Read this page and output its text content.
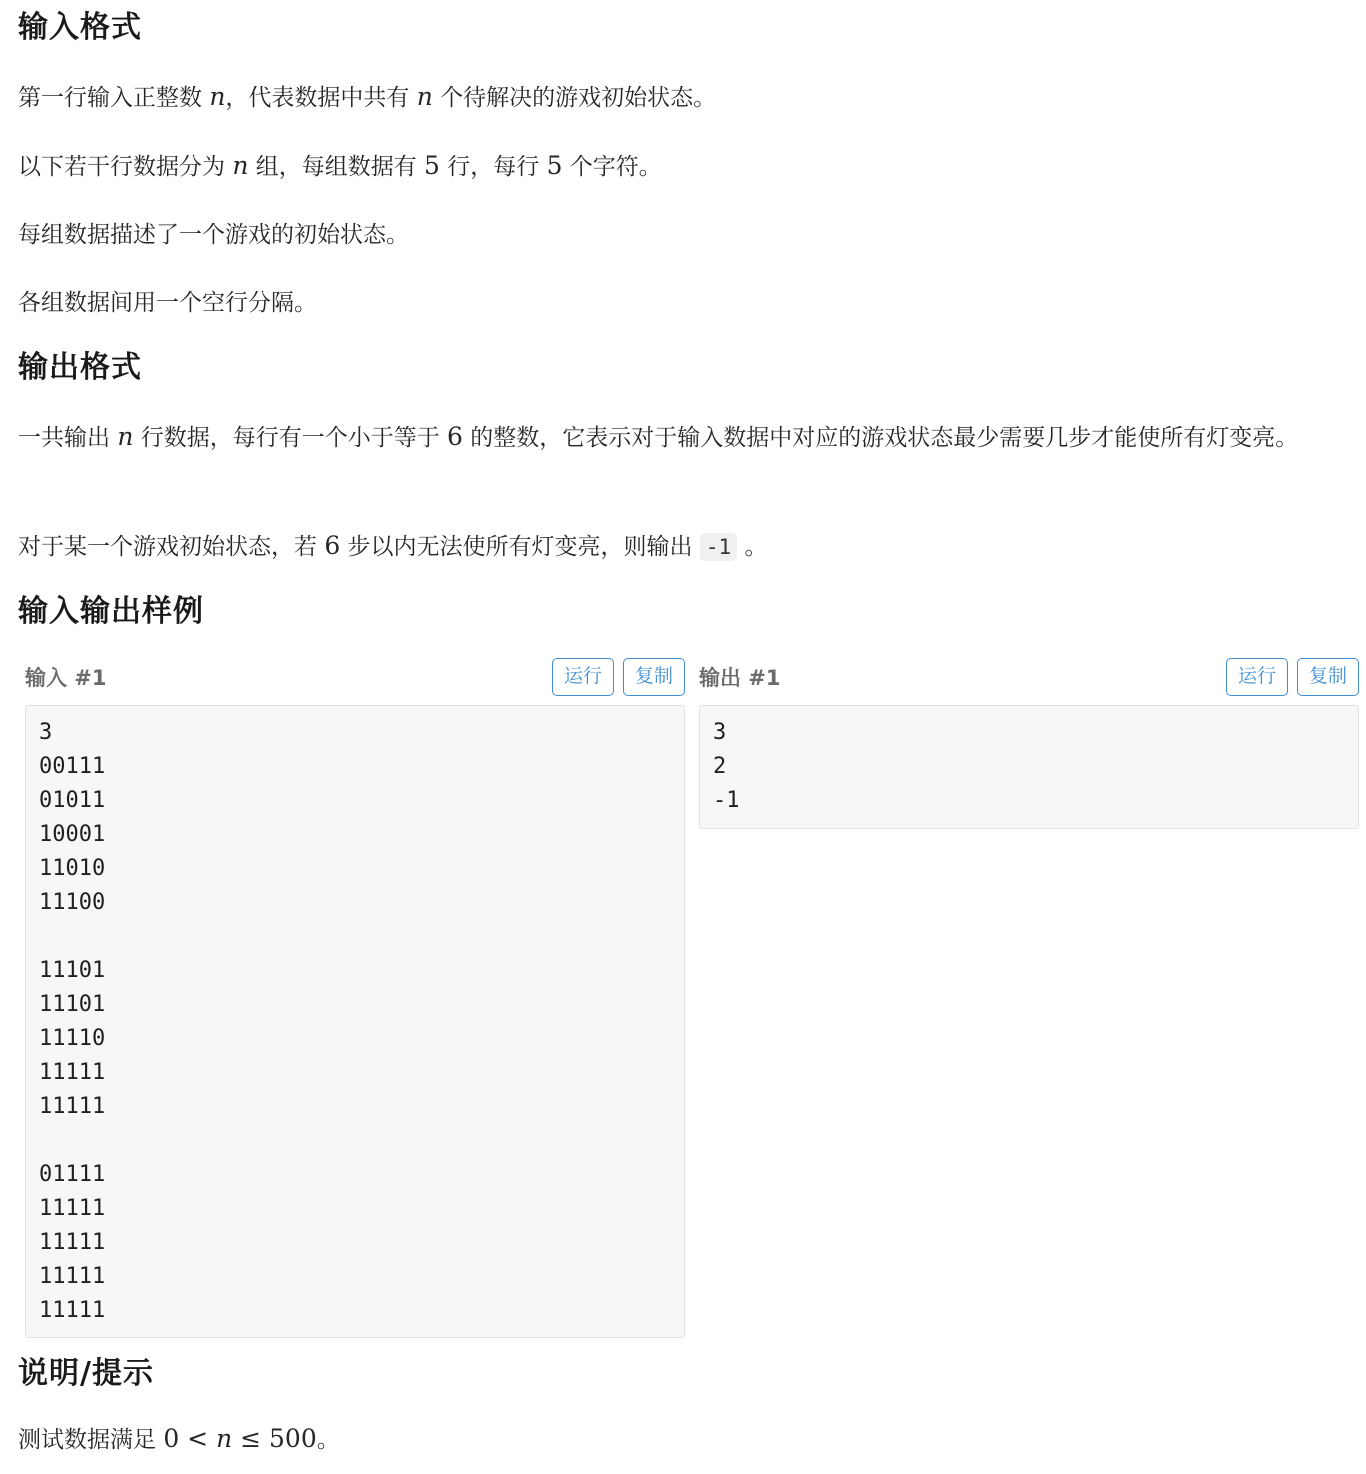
输入格式

第一行输入正整数 n，代表数据中共有 n 个待解决的游戏初始状态。

以下若干行数据分为 n 组，每组数据有 5 行，每行 5 个字符。

每组数据描述了一个游戏的初始状态。

各组数据间用一个空行分隔。

输出格式

一共输出 n 行数据，每行有一个小于等于 6 的整数，它表示对于输入数据中对应的游戏状态最少需要几步才能使所有灯变亮。

对于某一个游戏初始状态，若 6 步以内无法使所有灯变亮，则输出 -1 。

输入输出样例
输入 #1	运行	复制
3
00111
01011
10001
11010
11100

11101
11101
11110
11111
11111

01111
11111
11111
11111
11111
输出 #1	运行	复制
3
2
-1
说明/提示

测试数据满足 0 < n ≤ 500。
